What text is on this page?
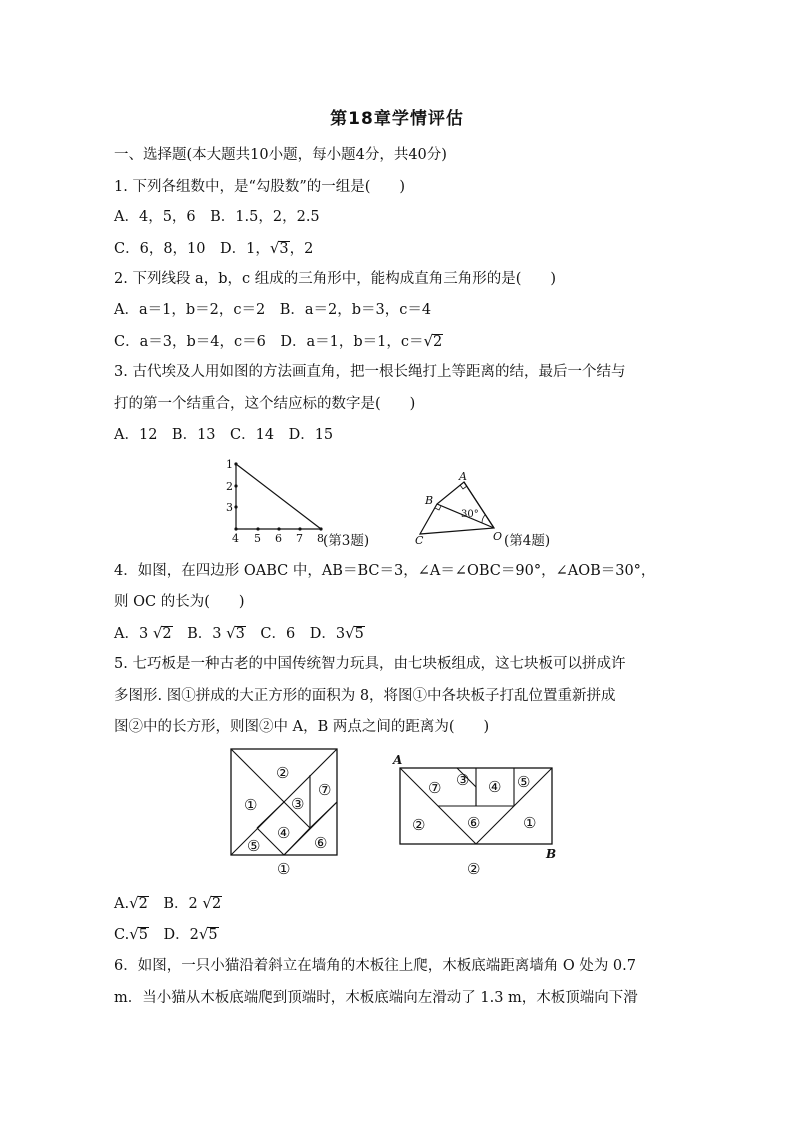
第18章学情评估
一、选择题(本大题共10小题，每小题4分，共40分)
1. 下列各组数中，是“勾股数”的一组是(　　)
A．4，5，6　B．1.5，2，2.5
C．6，8，10　D．1，√3，2
2. 下列线段 a，b，c 组成的三角形中，能构成直角三角形的是(　　)
A．a＝1，b＝2，c＝2　B．a＝2，b＝3，c＝4
C．a＝3，b＝4，c＝6　D．a＝1，b＝1，c＝√2
3. 古代埃及人用如图的方法画直角，把一根长绳打上等距离的结，最后一个结与
打的第一个结重合，这个结应标的数字是(　　)
A．12　B．13　C．14　D．15
1
2
3
4 5 6 7 8 (第3题)
A
B
C	O
30°
(第4题)
4．如图，在四边形 OABC 中，AB＝BC＝3，∠A＝∠OBC＝90°，∠AOB＝30°，
则 OC 的长为(　　)
A．3 √2　 B．3 √3　 C．6　 D．3√5
5. 七巧板是一种古老的中国传统智力玩具，由七块板组成，这七块板可以拼成许
多图形. 图①拼成的大正方形的面积为 8，将图①中各块板子打乱位置重新拼成
图②中的长方形，则图②中 A，B 两点之间的距离为(　　)
②
① ③
⑦
④
⑤	⑥
①
A
B
⑦ ③ ④ ⑤
②	⑥	①
②
A.√2　 B．2 √2
C.√5　 D．2√5
6．如图，一只小猫沿着斜立在墙角的木板往上爬，木板底端距离墙角 O 处为 0.7
m．当小猫从木板底端爬到顶端时，木板底端向左滑动了 1.3 m，木板顶端向下滑
